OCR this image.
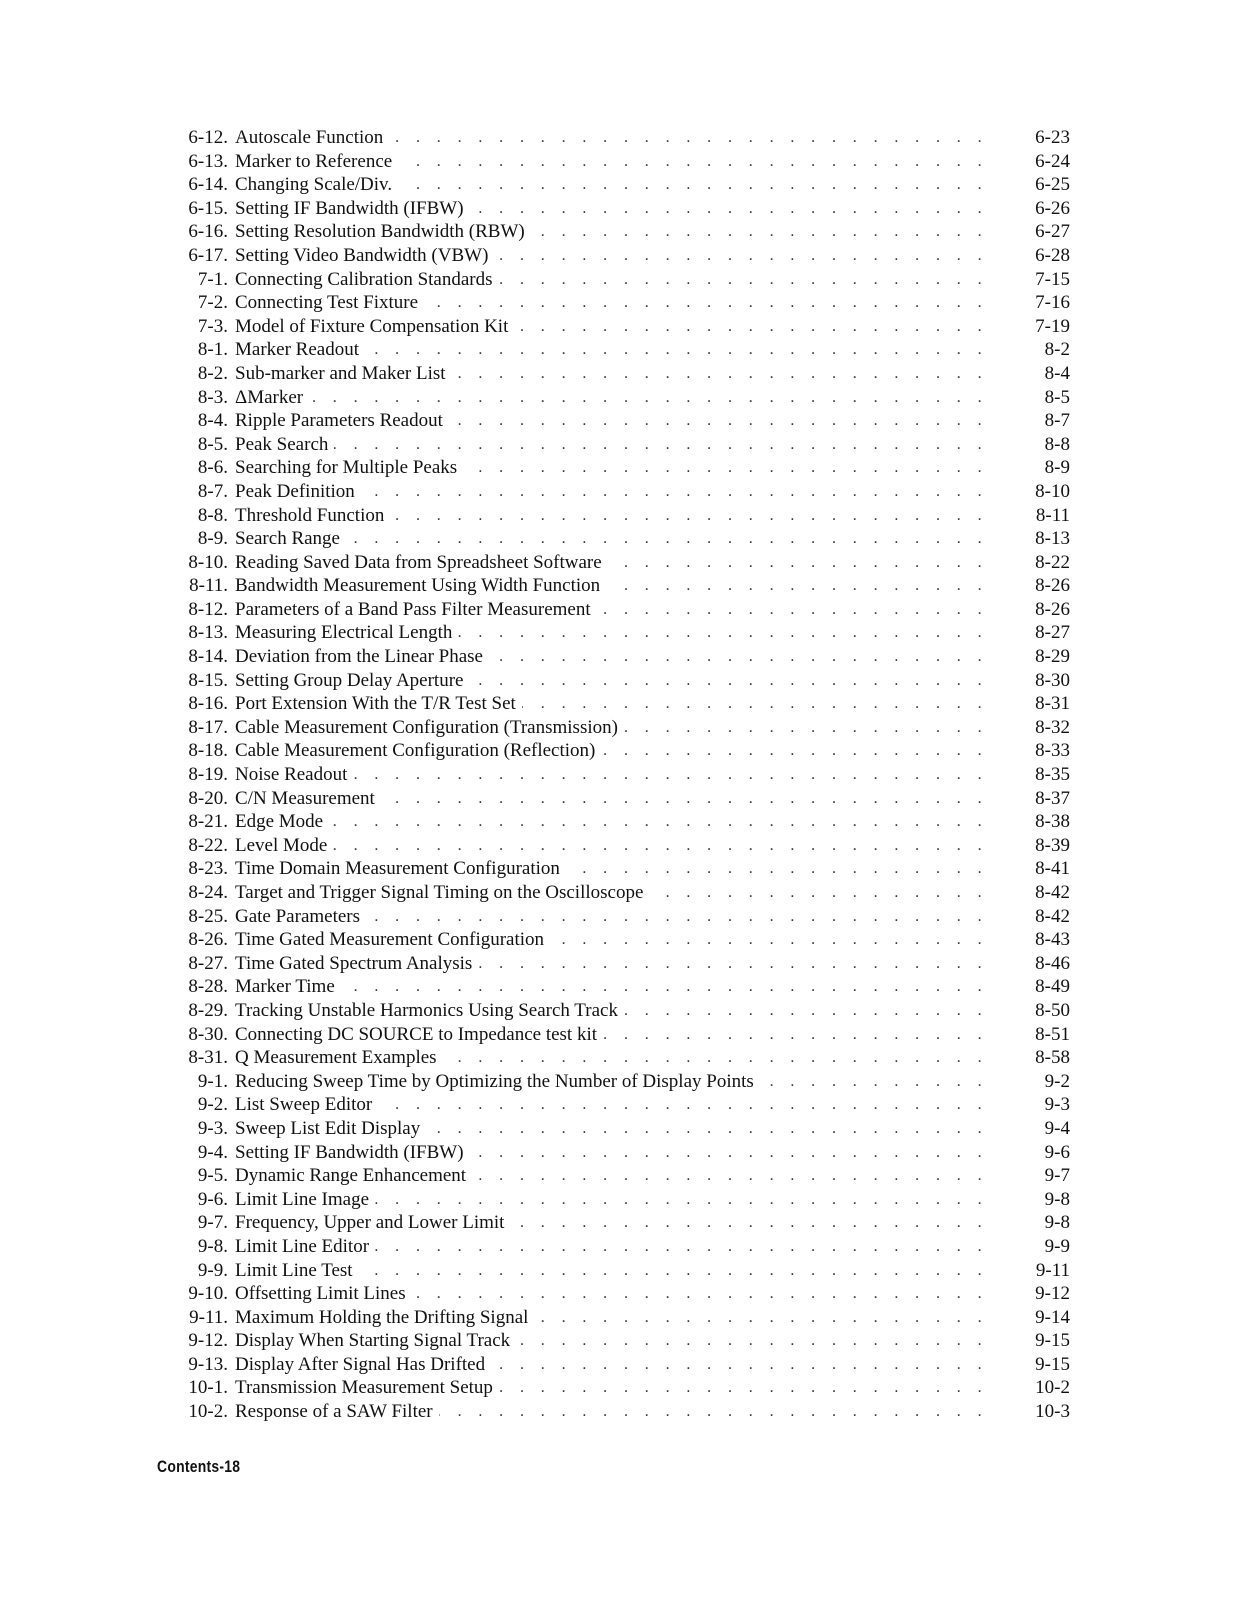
6-12. Autoscale Function . . .	6-23
6-13. Marker to Reference . . .	6-24
6-14. Changing Scale/Div. . . .	6-25
6-15. Setting IF Bandwidth (IFBW) . . .	6-26
6-16. Setting Resolution Bandwidth (RBW) . . .	6-27
6-17. Setting Video Bandwidth (VBW) . . .	6-28
7-1. Connecting Calibration Standards . . .	7-15
7-2. Connecting Test Fixture . . .	7-16
7-3. Model of Fixture Compensation Kit . . .	7-19
8-1. Marker Readout . . .	8-2
8-2. Sub-marker and Maker List . . .	8-4
8-3. ΔMarker . . .	8-5
8-4. Ripple Parameters Readout . . .	8-7
8-5. Peak Search . . .	8-8
8-6. Searching for Multiple Peaks . . .	8-9
8-7. Peak Definition . . .	8-10
8-8. Threshold Function . . .	8-11
8-9. Search Range . . .	8-13
8-10. Reading Saved Data from Spreadsheet Software . . .	8-22
8-11. Bandwidth Measurement Using Width Function . . .	8-26
8-12. Parameters of a Band Pass Filter Measurement . . .	8-26
8-13. Measuring Electrical Length . . .	8-27
8-14. Deviation from the Linear Phase . . .	8-29
8-15. Setting Group Delay Aperture . . .	8-30
8-16. Port Extension With the T/R Test Set . . .	8-31
8-17. Cable Measurement Configuration (Transmission) . . .	8-32
8-18. Cable Measurement Configuration (Reflection) . . .	8-33
8-19. Noise Readout . . .	8-35
8-20. C/N Measurement . . .	8-37
8-21. Edge Mode . . .	8-38
8-22. Level Mode . . .	8-39
8-23. Time Domain Measurement Configuration . . .	8-41
8-24. Target and Trigger Signal Timing on the Oscilloscope . . .	8-42
8-25. Gate Parameters . . .	8-42
8-26. Time Gated Measurement Configuration . . .	8-43
8-27. Time Gated Spectrum Analysis . . .	8-46
8-28. Marker Time . . .	8-49
8-29. Tracking Unstable Harmonics Using Search Track . . .	8-50
8-30. Connecting DC SOURCE to Impedance test kit . . .	8-51
8-31. Q Measurement Examples . . .	8-58
9-1. Reducing Sweep Time by Optimizing the Number of Display Points . . .	9-2
9-2. List Sweep Editor . . .	9-3
9-3. Sweep List Edit Display . . .	9-4
9-4. Setting IF Bandwidth (IFBW) . . .	9-6
9-5. Dynamic Range Enhancement . . .	9-7
9-6. Limit Line Image . . .	9-8
9-7. Frequency, Upper and Lower Limit . . .	9-8
9-8. Limit Line Editor . . .	9-9
9-9. Limit Line Test . . .	9-11
9-10. Offsetting Limit Lines . . .	9-12
9-11. Maximum Holding the Drifting Signal . . .	9-14
9-12. Display When Starting Signal Track . . .	9-15
9-13. Display After Signal Has Drifted . . .	9-15
10-1. Transmission Measurement Setup . . .	10-2
10-2. Response of a SAW Filter . . .	10-3
Contents-18
